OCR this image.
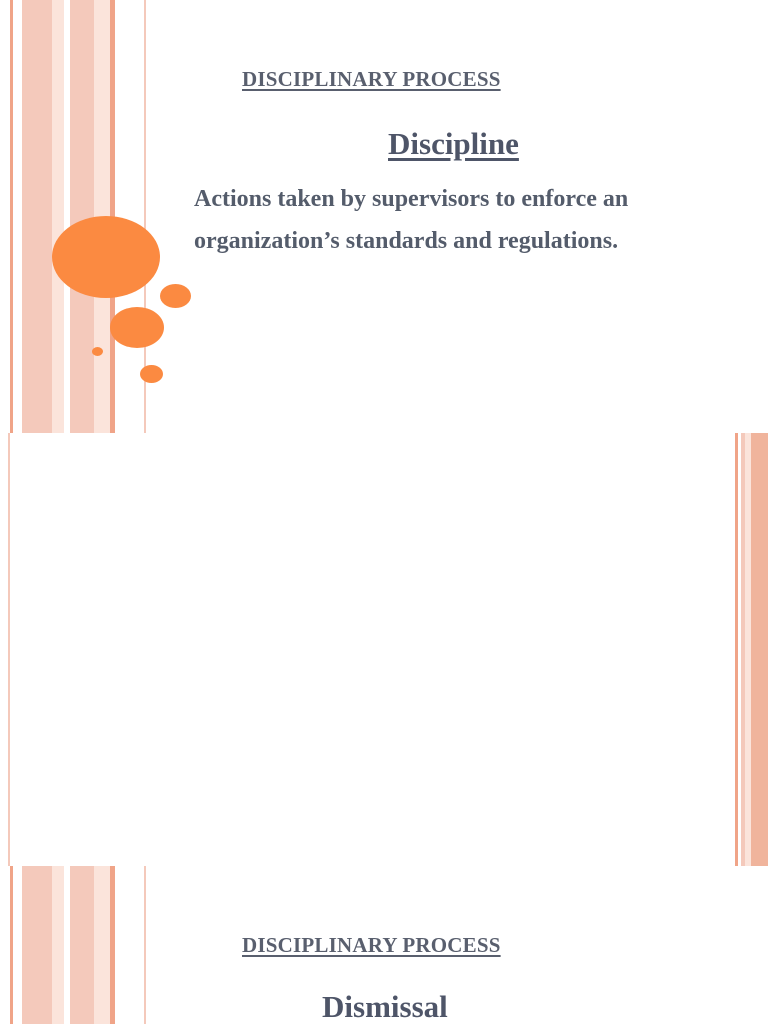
DISCIPLINARY PROCESS
Discipline
Actions taken by supervisors to enforce an organization’s standards and regulations.
DISCIPLINARY PROCESS
Dismissal
